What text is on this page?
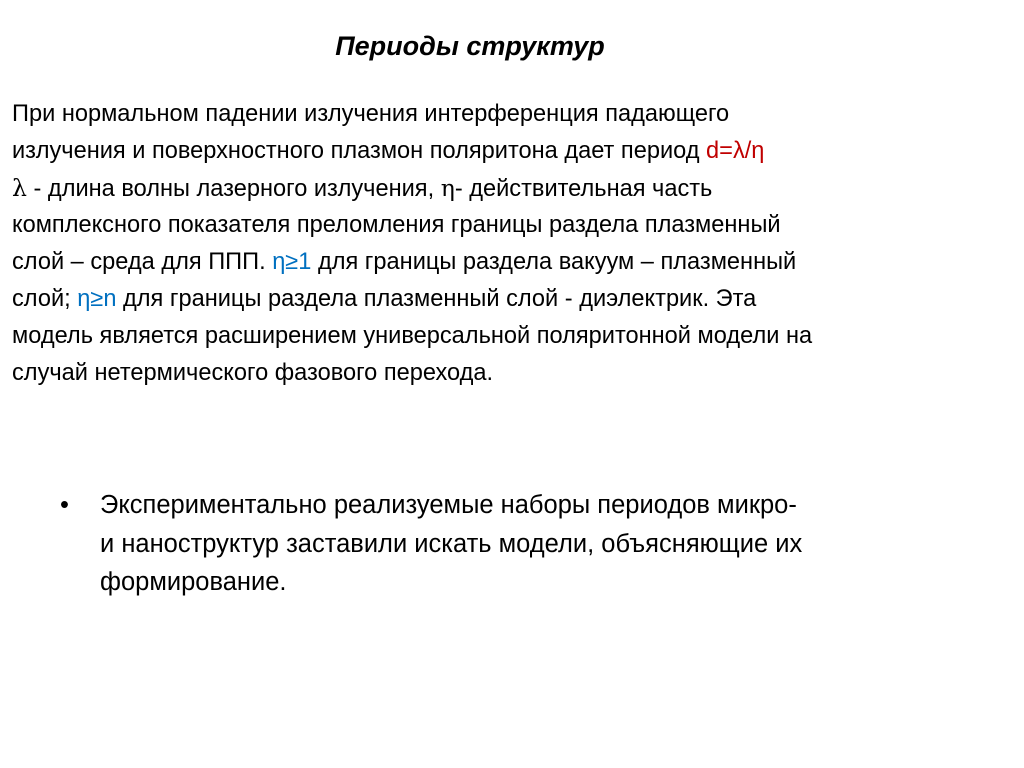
Периоды структур
При нормальном падении излучения интерференция падающего
излучения и поверхностного плазмон поляритона дает период d=λ/η
λ - длина волны лазерного излучения, η- действительная часть
комплексного показателя преломления границы раздела плазменный
слой – среда для ППП. η≥1 для границы раздела вакуум – плазменный
слой; η≥n для границы раздела плазменный слой - диэлектрик. Эта
модель является расширением универсальной поляритонной модели на
случай нетермического фазового перехода.
• Экспериментально реализуемые наборы периодов микро-
и наноструктур заставили искать модели, объясняющие их
формирование.
